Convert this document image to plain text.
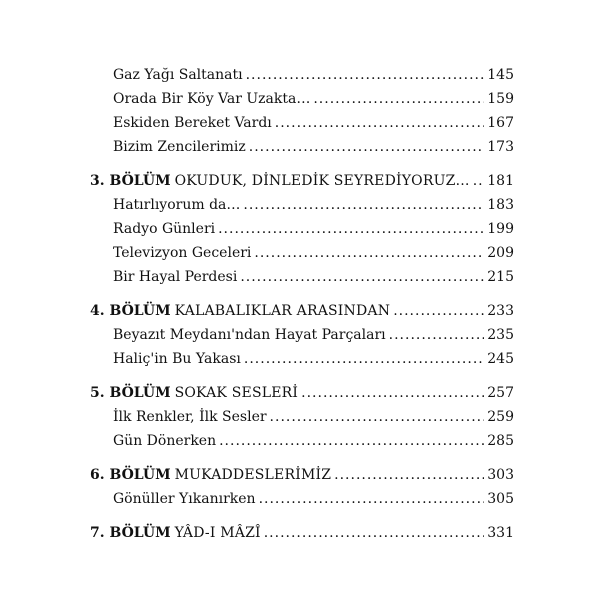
Gaz Yağı Saltanatı .....	145
Orada Bir Köy Var Uzakta… .....	159
Eskiden Bereket Vardı .....	167
Bizim Zencilerimiz .....	173
3. BÖLÜM OKUDUK, DİNLEDİK SEYREDİYORUZ… ..... 181
Hatırlıyorum da… .....	183
Radyo Günleri .....	199
Televizyon Geceleri .....	209
Bir Hayal Perdesi .....	215
4. BÖLÜM KALABALIKLAR ARASINDAN .....	233
Beyazıt Meydanı'ndan Hayat Parçaları .....	235
Haliç'in Bu Yakası .....	245
5. BÖLÜM SOKAK SESLERİ .....	257
İlk Renkler, İlk Sesler .....	259
Gün Dönerken .....	285
6. BÖLÜM MUKADDESLERİMİZ .....	303
Gönüller Yıkanırken .....	305
7. BÖLÜM YÂD-I MÂZÎ .....	331
